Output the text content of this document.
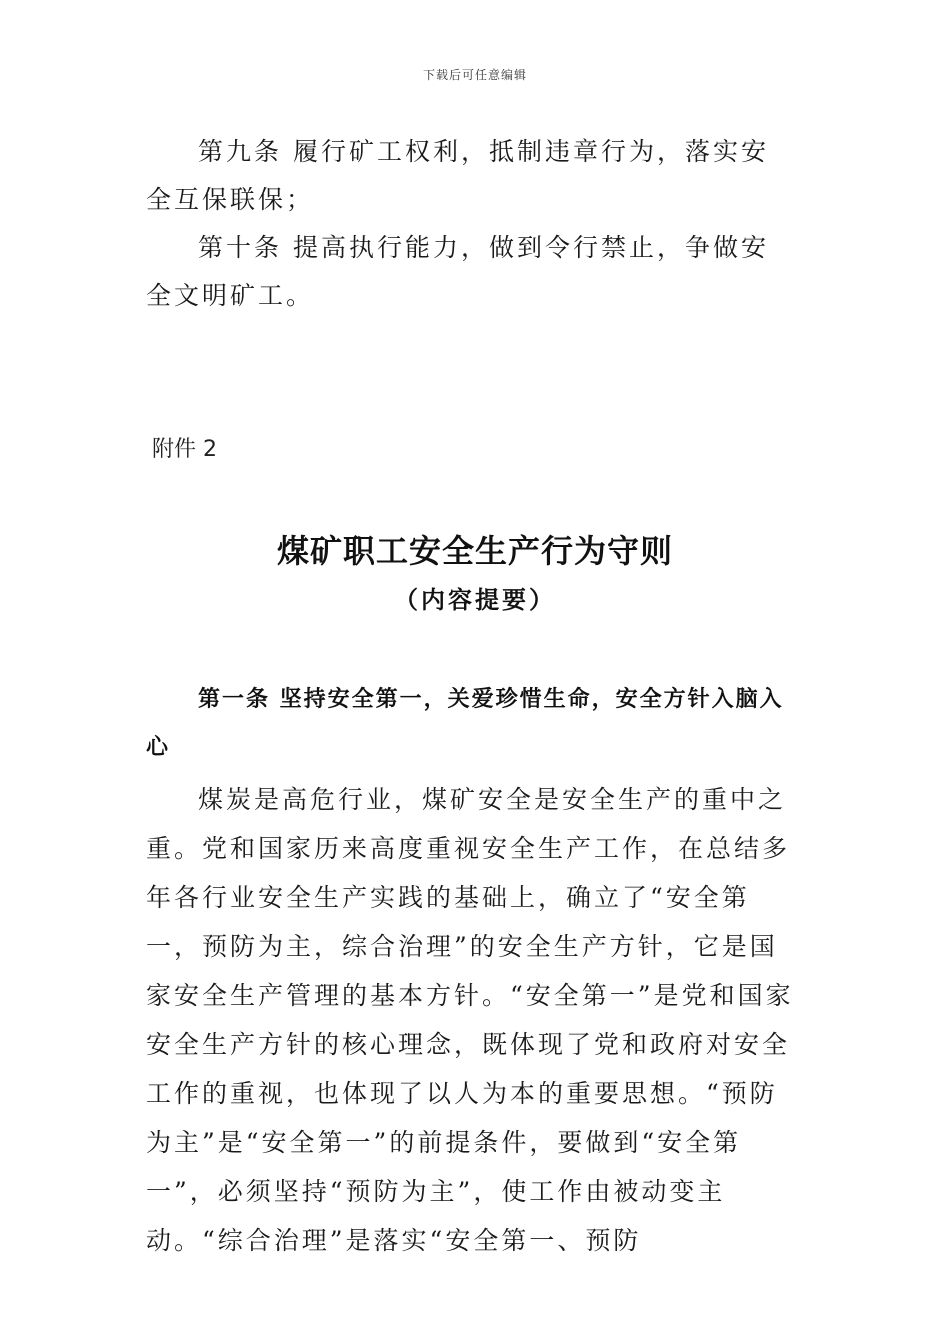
下载后可任意编辑

第九条 履行矿工权利，抵制违章行为，落实安全互保联保；

第十条 提高执行能力，做到令行禁止，争做安全文明矿工。

附件 2
煤矿职工安全生产行为守则
（内容提要）

第一条 坚持安全第一，关爱珍惜生命，安全方针入脑入心

煤炭是高危行业，煤矿安全是安全生产的重中之重。党和国家历来高度重视安全生产工作，在总结多年各行业安全生产实践的基础上，确立了“安全第一，预防为主，综合治理”的安全生产方针，它是国家安全生产管理的基本方针。“安全第一”是党和国家安全生产方针的核心理念，既体现了党和政府对安全工作的重视，也体现了以人为本的重要思想。“预防为主”是“安全第一”的前提条件，要做到“安全第一”，必须坚持“预防为主”，使工作由被动变主动。“综合治理”是落实“安全第一、预防
